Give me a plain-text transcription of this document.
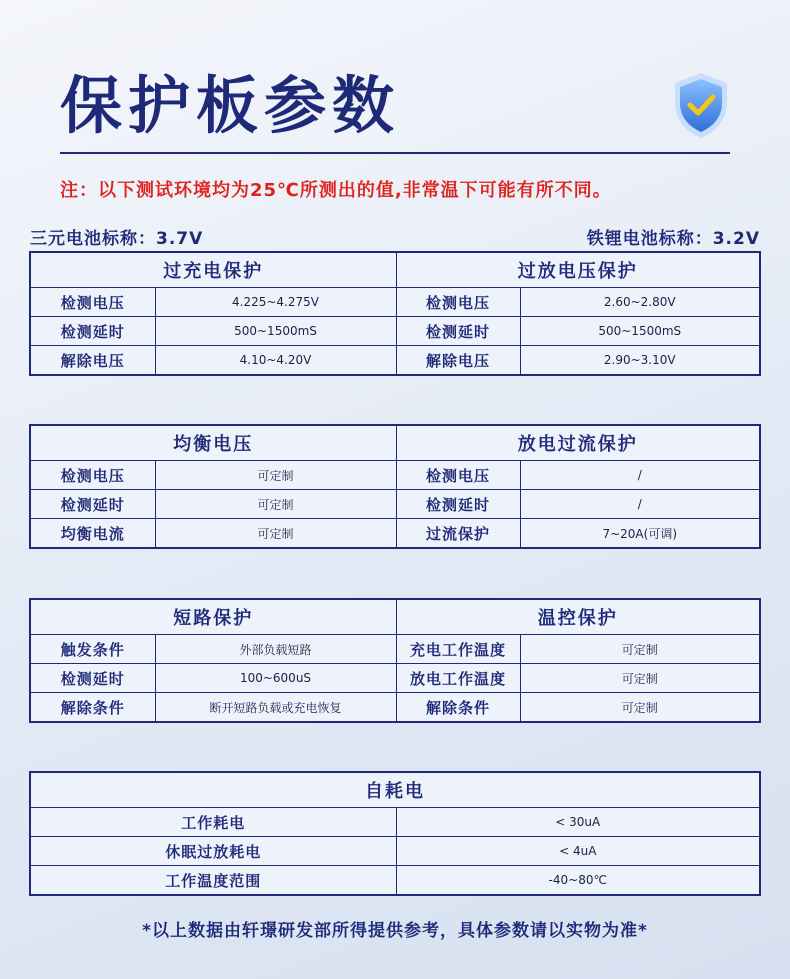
保护板参数
注：以下测试环境均为25℃所测出的值,非常温下可能有所不同。
三元电池标称：3.7V	铁锂电池标称：3.2V
过充电保护		过放电压保护	
检测电压	4.225~4.275V	检测电压	2.60~2.80V
检测延时	500~1500mS	检测延时	500~1500mS
解除电压	4.10~4.20V	解除电压	2.90~3.10V
均衡电压		放电过流保护	
检测电压	可定制	检测电压	/
检测延时	可定制	检测延时	/
均衡电流	可定制	过流保护	7~20A(可调)
短路保护		温控保护	
触发条件	外部负载短路	充电工作温度	可定制
检测延时	100~600uS	放电工作温度	可定制
解除条件	断开短路负载或充电恢复	解除条件	可定制
自耗电	
工作耗电	< 30uA
休眠过放耗电	< 4uA
工作温度范围	-40~80℃
*以上数据由轩璟研发部所得提供参考，具体参数请以实物为准*
